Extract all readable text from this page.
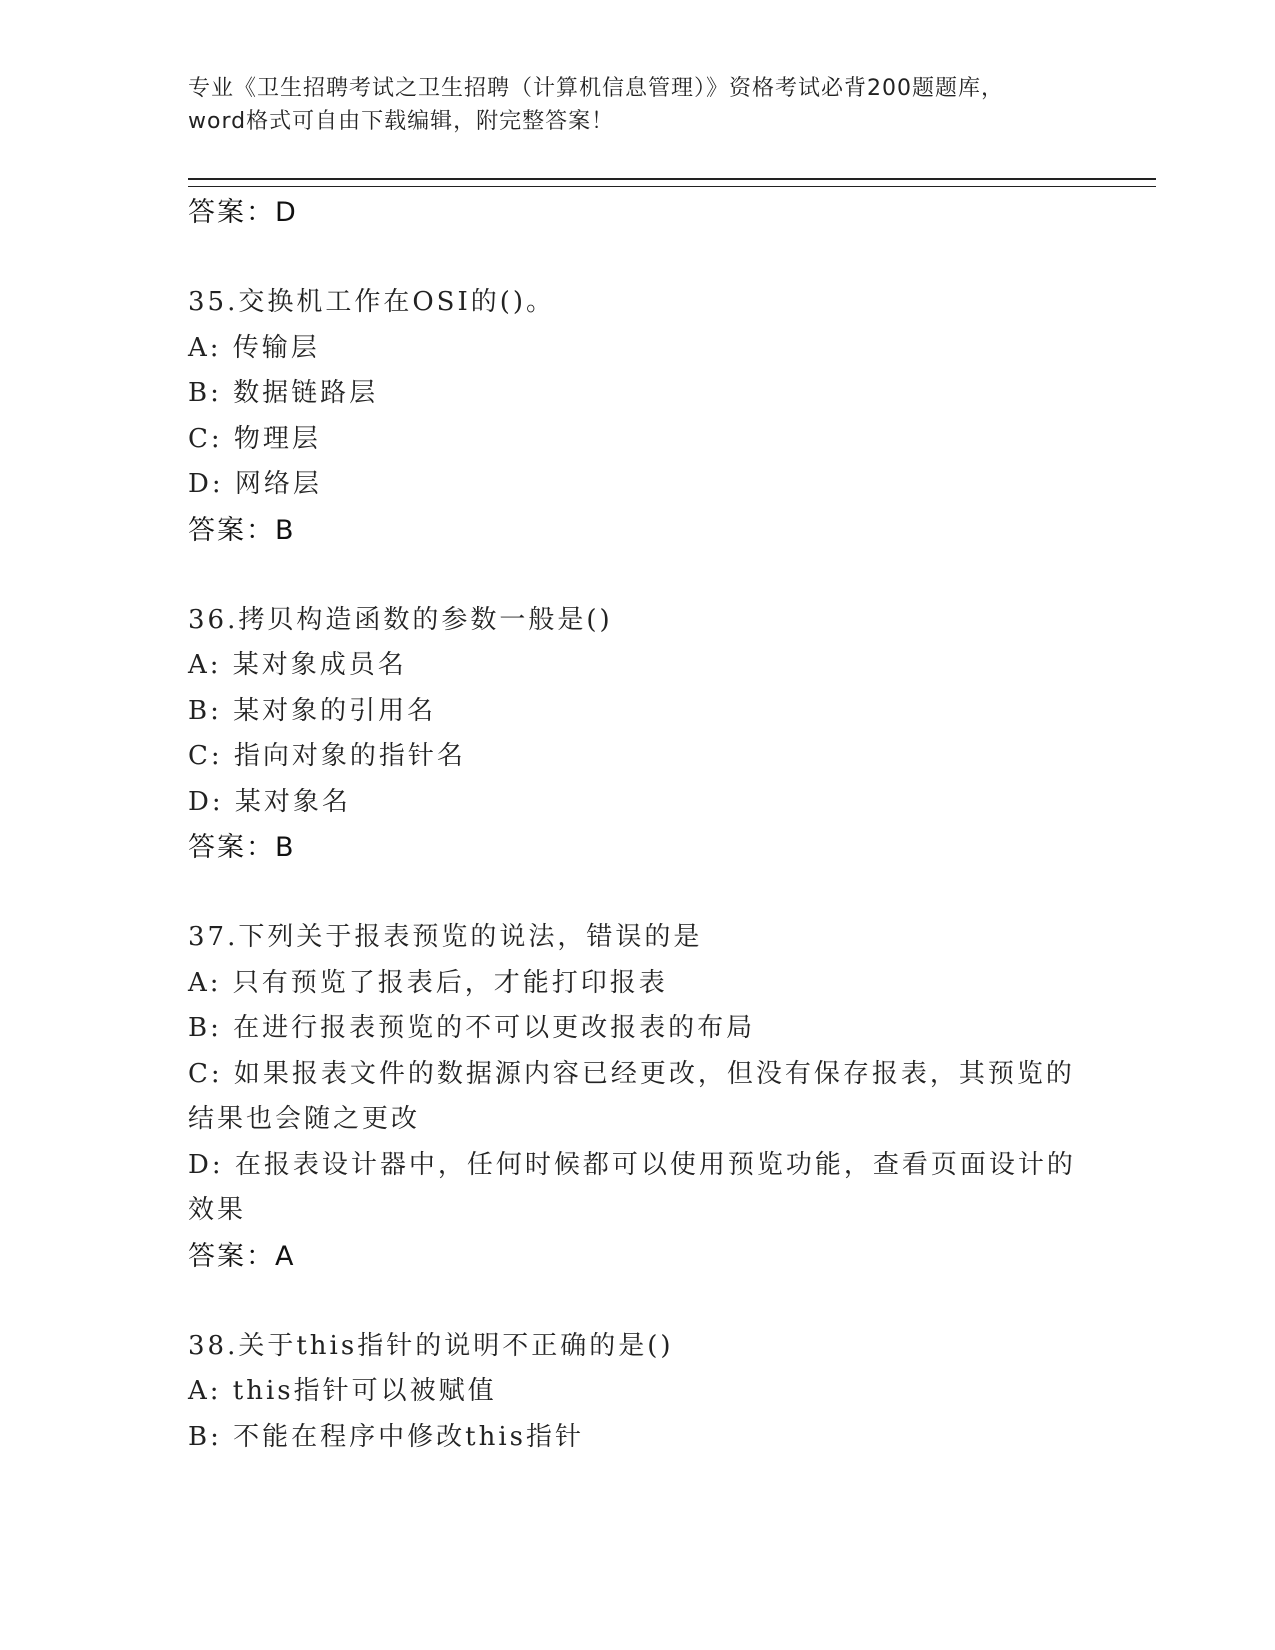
专业《卫生招聘考试之卫生招聘（计算机信息管理）》资格考试必背200题题库，
word格式可自由下载编辑，附完整答案！
答案：D
35.交换机工作在OSI的()。
A: 传输层
B: 数据链路层
C: 物理层
D: 网络层
答案：B
36.拷贝构造函数的参数一般是()
A: 某对象成员名
B: 某对象的引用名
C: 指向对象的指针名
D: 某对象名
答案：B
37.下列关于报表预览的说法，错误的是
A: 只有预览了报表后，才能打印报表
B: 在进行报表预览的不可以更改报表的布局
C: 如果报表文件的数据源内容已经更改，但没有保存报表，其预览的结果也会随之更改
D: 在报表设计器中，任何时候都可以使用预览功能，查看页面设计的效果
答案：A
38.关于this指针的说明不正确的是()
A: this指针可以被赋值
B: 不能在程序中修改this指针
